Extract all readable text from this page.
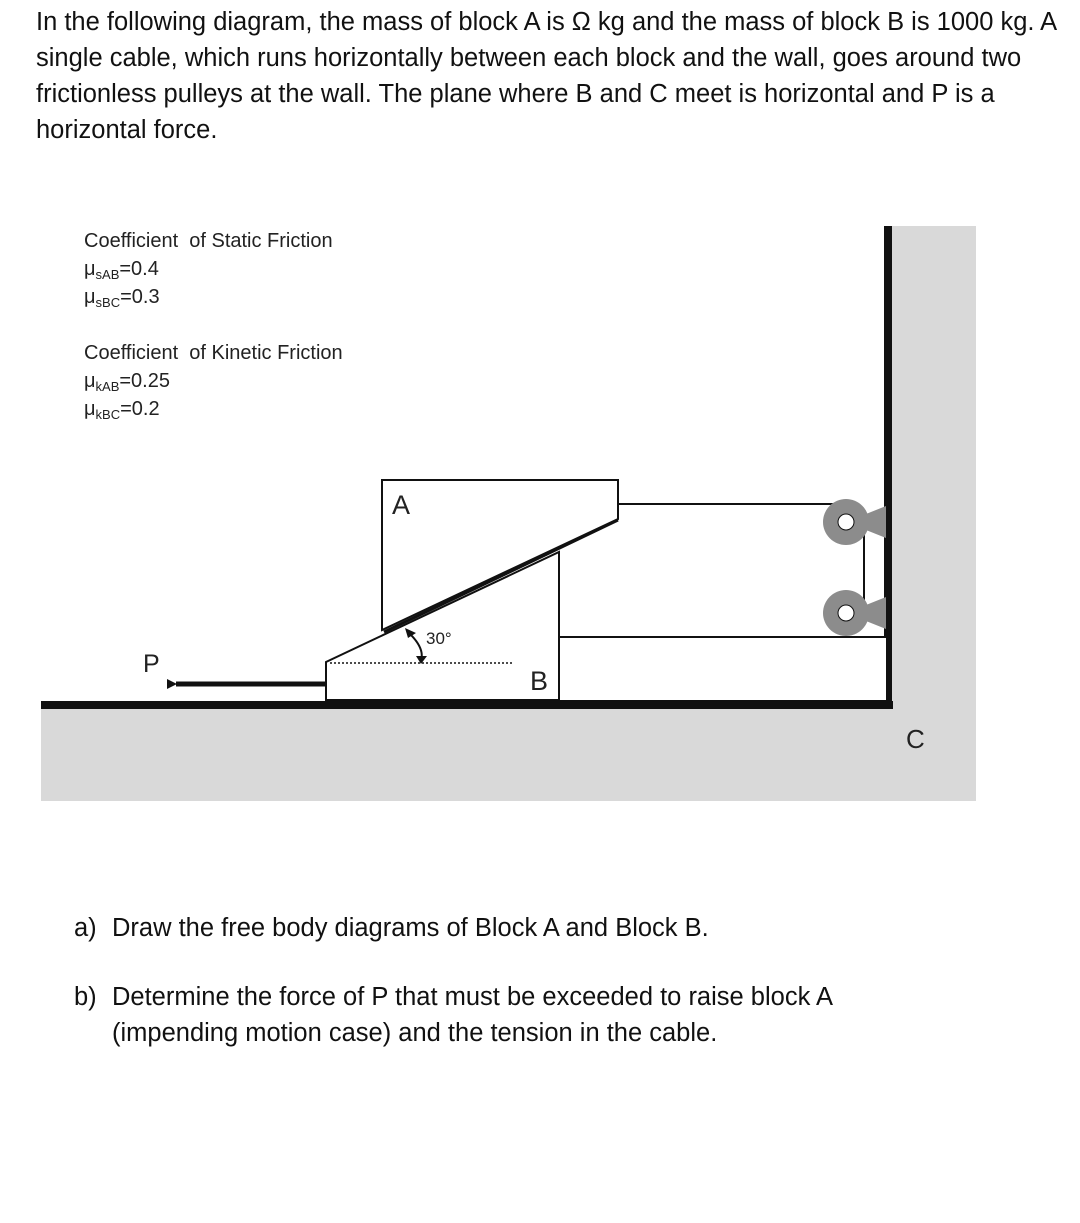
In the following diagram, the mass of block A is Ω kg and the mass of block B is 1000 kg. A single cable, which runs horizontally between each block and the wall, goes around two frictionless pulleys at the wall. The plane where B and C meet is horizontal and P is a horizontal force.

30°
P
A
B
C
Coefficient  of Static Friction
$\mu_{sAB}=0.4$
$\mu_{sBC}=0.3$
Coefficient  of Kinetic Friction
$\mu_{kAB}=0.25$
$\mu_{kBC}=0.2$
a) Draw the free body diagrams of Block A and Block B.
b) Determine the force of P that must be exceeded to raise block A (impending motion case) and the tension in the cable.
